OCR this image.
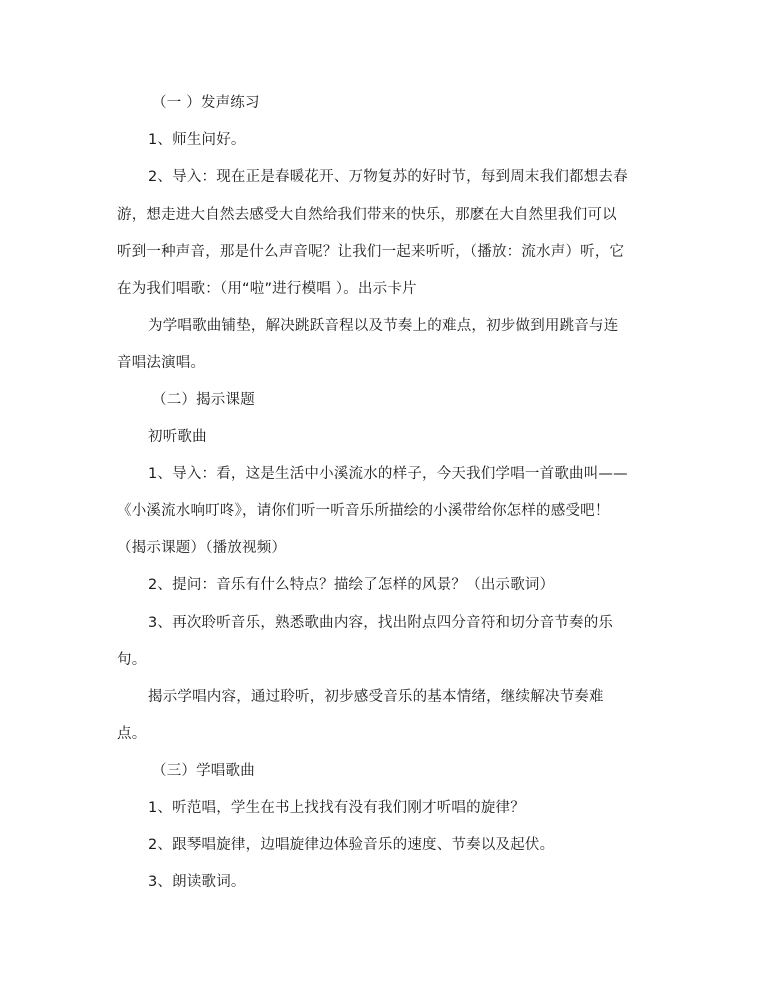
（一 ）发声练习
1、师生问好。
2、导入：现在正是春暖花开、万物复苏的好时节，每到周末我们都想去春
游，想走进大自然去感受大自然给我们带来的快乐，那麽在大自然里我们可以
听到一种声音，那是什么声音呢？让我们一起来听听，（播放：流水声）听，它
在为我们唱歌：（用“啦”进行模唱 ）。出示卡片
为学唱歌曲铺垫，解决跳跃音程以及节奏上的难点，初步做到用跳音与连
音唱法演唱。
（二）揭示课题
初听歌曲
1、导入：看，这是生活中小溪流水的样子，今天我们学唱一首歌曲叫——
《小溪流水响叮咚》，请你们听一听音乐所描绘的小溪带给你怎样的感受吧！
（揭示课题）（播放视频）
2、提问：音乐有什么特点？描绘了怎样的风景？（出示歌词）
3、再次聆听音乐，熟悉歌曲内容，找出附点四分音符和切分音节奏的乐
句。
揭示学唱内容，通过聆听，初步感受音乐的基本情绪，继续解决节奏难
点。
（三）学唱歌曲
1、听范唱，学生在书上找找有没有我们刚才听唱的旋律？
2、跟琴唱旋律，边唱旋律边体验音乐的速度、节奏以及起伏。
3、朗读歌词。
